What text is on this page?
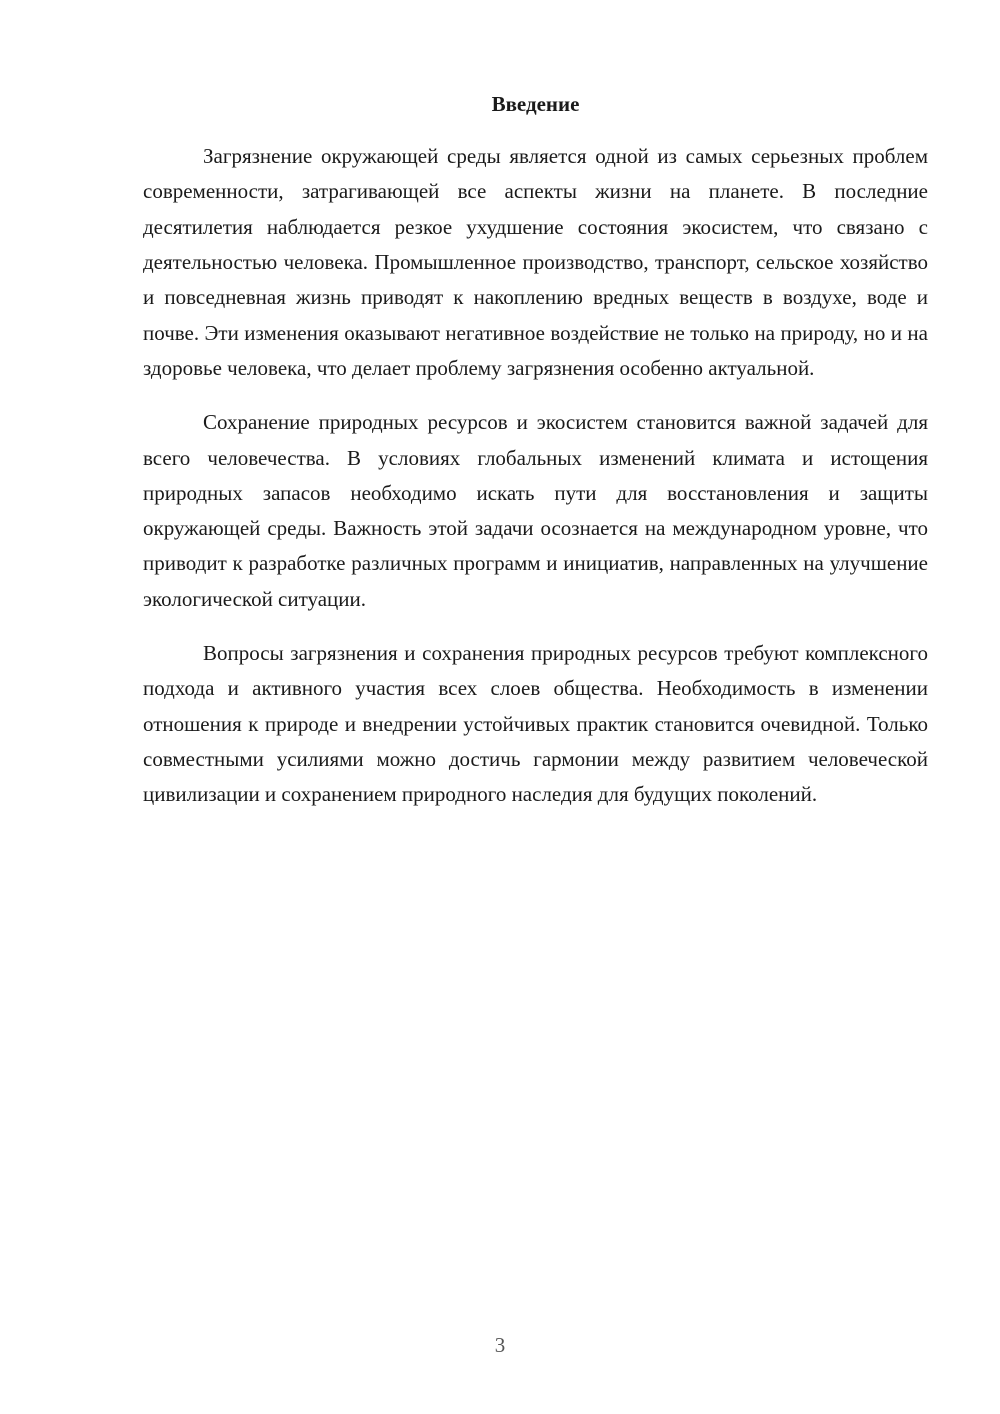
Введение

Загрязнение окружающей среды является одной из самых серьезных проблем современности, затрагивающей все аспекты жизни на планете. В последние десятилетия наблюдается резкое ухудшение состояния экосистем, что связано с деятельностью человека. Промышленное производство, транспорт, сельское хозяйство и повседневная жизнь приводят к накоплению вредных веществ в воздухе, воде и почве. Эти изменения оказывают негативное воздействие не только на природу, но и на здоровье человека, что делает проблему загрязнения особенно актуальной.

Сохранение природных ресурсов и экосистем становится важной задачей для всего человечества. В условиях глобальных изменений климата и истощения природных запасов необходимо искать пути для восстановления и защиты окружающей среды. Важность этой задачи осознается на международном уровне, что приводит к разработке различных программ и инициатив, направленных на улучшение экологической ситуации.

Вопросы загрязнения и сохранения природных ресурсов требуют комплексного подхода и активного участия всех слоев общества. Необходимость в изменении отношения к природе и внедрении устойчивых практик становится очевидной. Только совместными усилиями можно достичь гармонии между развитием человеческой цивилизации и сохранением природного наследия для будущих поколений.

3
